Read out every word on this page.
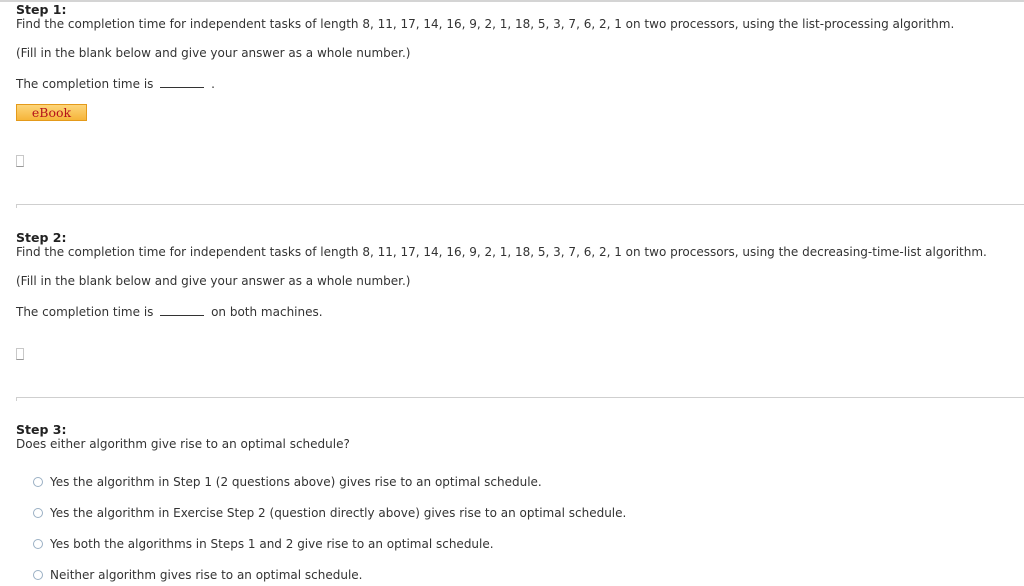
Step 1:
Find the completion time for independent tasks of length 8, 11, 17, 14, 16, 9, 2, 1, 18, 5, 3, 7, 6, 2, 1 on two processors, using the list-processing algorithm.
(Fill in the blank below and give your answer as a whole number.)
The completion time is	.
eBook
Step 2:
Find the completion time for independent tasks of length 8, 11, 17, 14, 16, 9, 2, 1, 18, 5, 3, 7, 6, 2, 1 on two processors, using the decreasing-time-list algorithm.
(Fill in the blank below and give your answer as a whole number.)
The completion time is	on both machines.
Step 3:
Does either algorithm give rise to an optimal schedule?
Yes the algorithm in Step 1 (2 questions above) gives rise to an optimal schedule.
Yes the algorithm in Exercise Step 2 (question directly above) gives rise to an optimal schedule.
Yes both the algorithms in Steps 1 and 2 give rise to an optimal schedule.
Neither algorithm gives rise to an optimal schedule.
